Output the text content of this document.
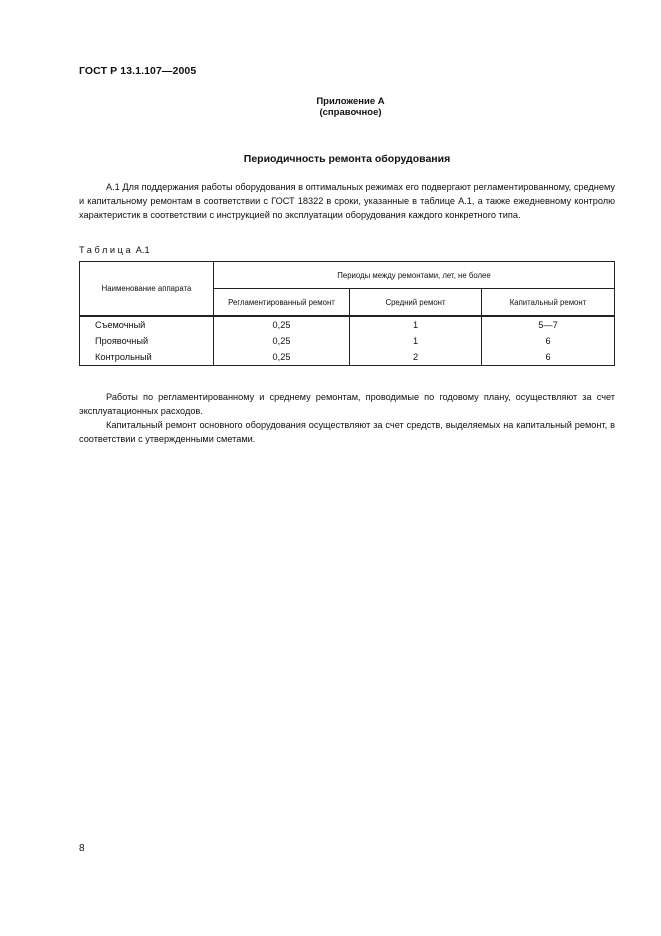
ГОСТ Р 13.1.107—2005
Приложение А
(справочное)
Периодичность ремонта оборудования

А.1 Для поддержания работы оборудования в оптимальных режимах его подвергают регламентированному, среднему и капитальному ремонтам в соответствии с ГОСТ 18322 в сроки, указанные в таблице А.1, а также ежедневному контролю характеристик в соответствии с инструкцией по эксплуатации оборудования каждого конкретного типа.

Таблица А.1
Наименование аппарата	Периоды между ремонтами, лет, не более		
	Регламентированный ремонт	Средний ремонт	Капитальный ремонт
Съемочный	0,25	1	5—7
Проявочный	0,25	1	6
Контрольный	0,25	2	6

Работы по регламентированному и среднему ремонтам, проводимые по годовому плану, осуществляют за счет эксплуатационных расходов.

Капитальный ремонт основного оборудования осуществляют за счет средств, выделяемых на капитальный ремонт, в соответствии с утвержденными сметами.

8
